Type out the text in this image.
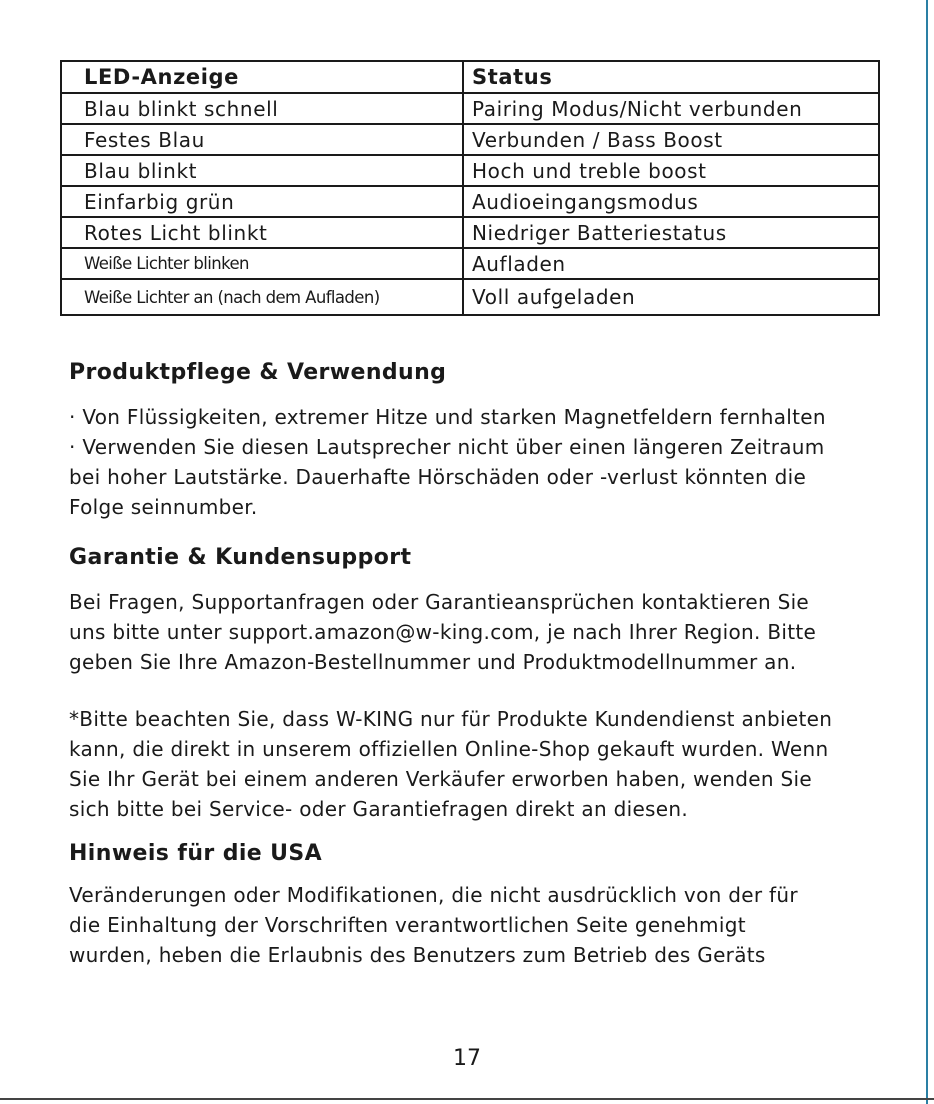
LED-Anzeige	Status
Blau blinkt schnell	Pairing Modus/Nicht verbunden
Festes Blau	Verbunden / Bass Boost
Blau blinkt	Hoch und treble boost
Einfarbig grün	Audioeingangsmodus
Rotes Licht blinkt	Niedriger Batteriestatus
Weiße Lichter blinken	Aufladen
Weiße Lichter an (nach dem Aufladen)	Voll aufgeladen
Produktpflege & Verwendung
· Von Flüssigkeiten, extremer Hitze und starken Magnetfeldern fernhalten
· Verwenden Sie diesen Lautsprecher nicht über einen längeren Zeitraum
bei hoher Lautstärke. Dauerhafte Hörschäden oder -verlust könnten die
Folge seinnumber.
Garantie & Kundensupport
Bei Fragen, Supportanfragen oder Garantieansprüchen kontaktieren Sie
uns bitte unter support.amazon@w-king.com, je nach Ihrer Region. Bitte
geben Sie Ihre Amazon-Bestellnummer und Produktmodellnummer an.
*Bitte beachten Sie, dass W-KING nur für Produkte Kundendienst anbieten
kann, die direkt in unserem offiziellen Online-Shop gekauft wurden. Wenn
Sie Ihr Gerät bei einem anderen Verkäufer erworben haben, wenden Sie
sich bitte bei Service- oder Garantiefragen direkt an diesen.
Hinweis für die USA
Veränderungen oder Modifikationen, die nicht ausdrücklich von der für
die Einhaltung der Vorschriften verantwortlichen Seite genehmigt
wurden, heben die Erlaubnis des Benutzers zum Betrieb des Geräts
17
